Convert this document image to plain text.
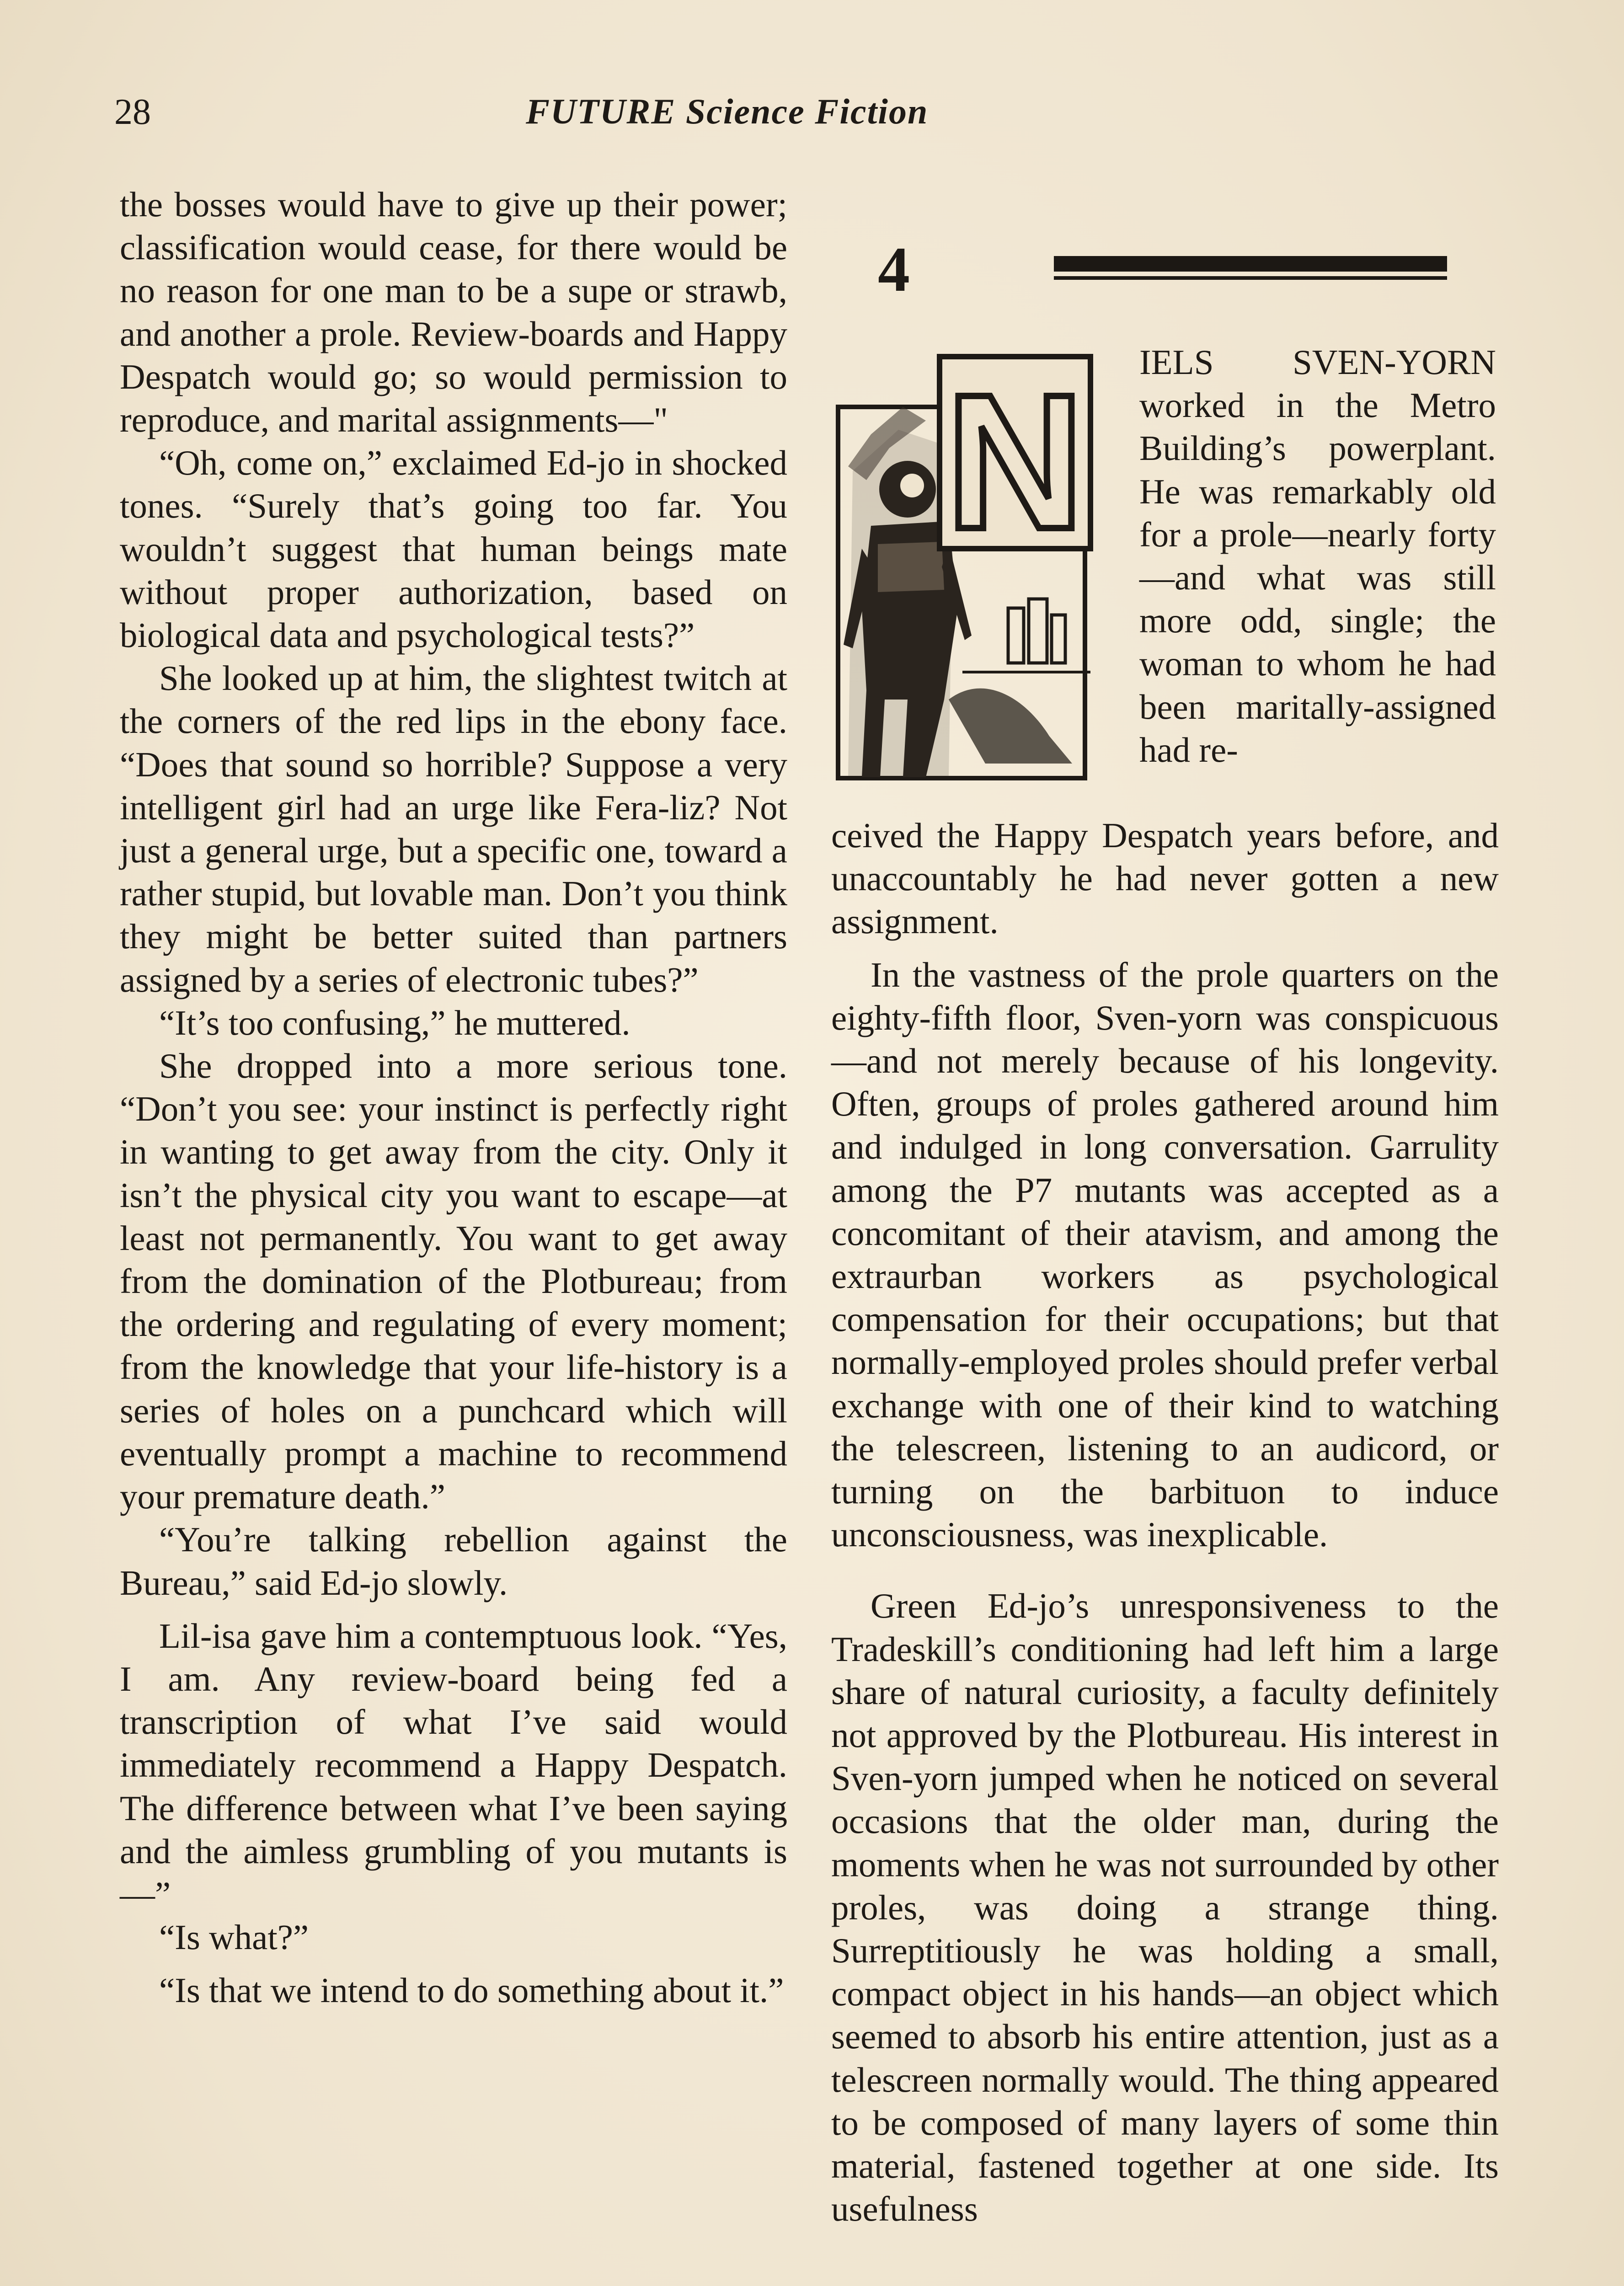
28	FUTURE Science Fiction

the bosses would have to give up their power; classification would cease, for there would be no reason for one man to be a supe or strawb, and another a prole. Review-boards and Happy Despatch would go; so would permission to reproduce, and marital assignments—"

“Oh, come on,” exclaimed Ed-jo in shocked tones. “Surely that’s going too far. You wouldn’t suggest that human beings mate without proper authorization, based on biological data and psychological tests?”

She looked up at him, the slightest twitch at the corners of the red lips in the ebony face. “Does that sound so horrible? Suppose a very intelligent girl had an urge like Fera-liz? Not just a general urge, but a specific one, toward a rather stupid, but lovable man. Don’t you think they might be better suited than partners assigned by a series of electronic tubes?”

“It’s too confusing,” he muttered.

She dropped into a more serious tone. “Don’t you see: your instinct is perfectly right in wanting to get away from the city. Only it isn’t the physical city you want to escape—at least not permanently. You want to get away from the domination of the Plotbureau; from the ordering and regulating of every moment; from the knowledge that your life-history is a series of holes on a punchcard which will eventually prompt a machine to recommend your premature death.”

“You’re talking rebellion against the Bureau,” said Ed-jo slowly.

Lil-isa gave him a contemptuous look. “Yes, I am. Any review-board being fed a transcription of what I’ve said would immediately recommend a Happy Despatch. The difference between what I’ve been saying and the aimless grumbling of you mutants is—”

“Is what?”

“Is that we intend to do something about it.”

4
N IELS SVEN-YORN worked in the Metro Building’s powerplant. He was remarkably old for a prole—nearly forty —and what was still more odd, single; the woman to whom he had been maritally-assigned had re-

ceived the Happy Despatch years before, and unaccountably he had never gotten a new assignment.

In the vastness of the prole quarters on the eighty-fifth floor, Sven-yorn was conspicuous—and not merely because of his longevity. Often, groups of proles gathered around him and indulged in long conversation. Garrulity among the P7 mutants was accepted as a concomitant of their atavism, and among the extraurban workers as psychological compensation for their occupations; but that normally-employed proles should prefer verbal exchange with one of their kind to watching the telescreen, listening to an audicord, or turning on the barbituon to induce unconsciousness, was inexplicable.

Green Ed-jo’s unresponsiveness to the Tradeskill’s conditioning had left him a large share of natural curiosity, a faculty definitely not approved by the Plotbureau. His interest in Sven-yorn jumped when he noticed on several occasions that the older man, during the moments when he was not surrounded by other proles, was doing a strange thing. Surreptitiously he was holding a small, compact object in his hands—an object which seemed to absorb his entire attention, just as a telescreen normally would. The thing appeared to be composed of many layers of some thin material, fastened together at one side. Its usefulness
